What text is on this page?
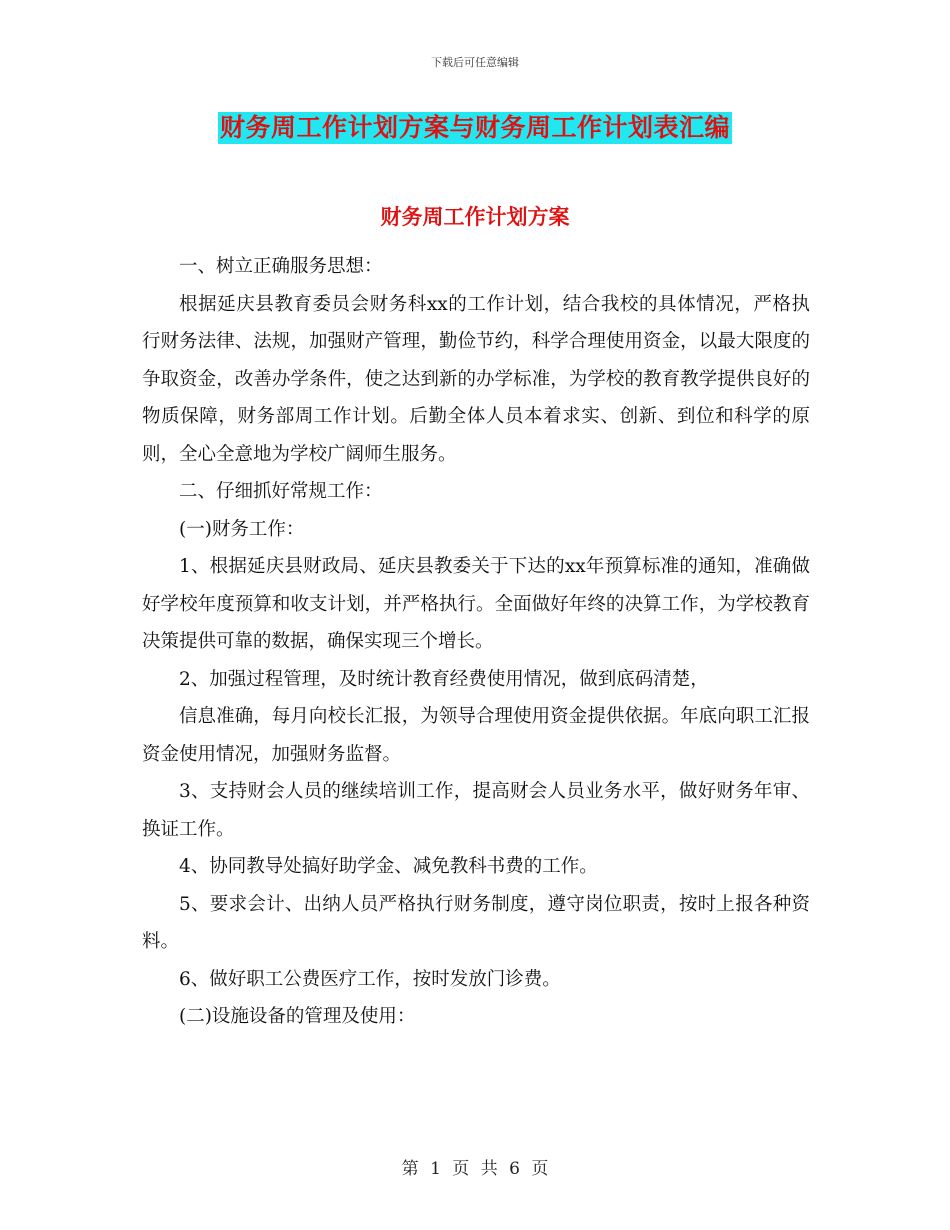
下载后可任意编辑
财务周工作计划方案与财务周工作计划表汇编
财务周工作计划方案

一、树立正确服务思想：

根据延庆县教育委员会财务科xx的工作计划，结合我校的具体情况，严格执行财务法律、法规，加强财产管理，勤俭节约，科学合理使用资金，以最大限度的争取资金，改善办学条件，使之达到新的办学标准，为学校的教育教学提供良好的物质保障，财务部周工作计划。后勤全体人员本着求实、创新、到位和科学的原则，全心全意地为学校广阔师生服务。

二、仔细抓好常规工作：

(一)财务工作：

1、根据延庆县财政局、延庆县教委关于下达的xx年预算标准的通知，准确做好学校年度预算和收支计划，并严格执行。全面做好年终的决算工作，为学校教育决策提供可靠的数据，确保实现三个增长。

2、加强过程管理，及时统计教育经费使用情况，做到底码清楚，

信息准确，每月向校长汇报，为领导合理使用资金提供依据。年底向职工汇报资金使用情况，加强财务监督。

3、支持财会人员的继续培训工作，提高财会人员业务水平，做好财务年审、换证工作。

4、协同教导处搞好助学金、减免教科书费的工作。

5、要求会计、出纳人员严格执行财务制度，遵守岗位职责，按时上报各种资料。

6、做好职工公费医疗工作，按时发放门诊费。

(二)设施设备的管理及使用：

第 1 页 共 6 页
